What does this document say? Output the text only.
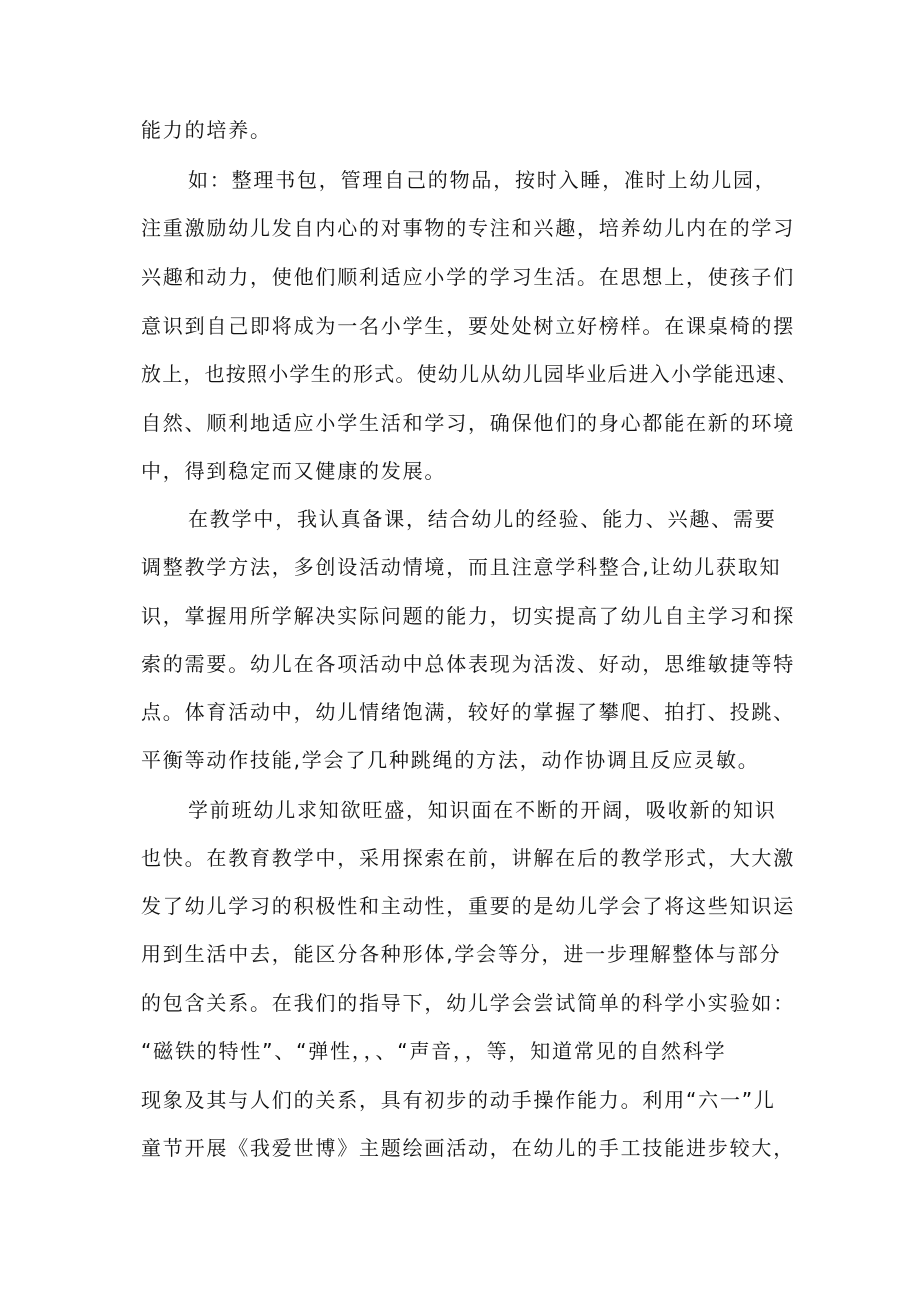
能力的培养。
如：整理书包，管理自己的物品，按时入睡，准时上幼儿园，
注重激励幼儿发自内心的对事物的专注和兴趣，培养幼儿内在的学习
兴趣和动力，使他们顺利适应小学的学习生活。在思想上，使孩子们
意识到自己即将成为一名小学生，要处处树立好榜样。在课桌椅的摆
放上，也按照小学生的形式。使幼儿从幼儿园毕业后进入小学能迅速、
自然、顺利地适应小学生活和学习，确保他们的身心都能在新的环境
中，得到稳定而又健康的发展。
在教学中，我认真备课，结合幼儿的经验、能力、兴趣、需要
调整教学方法，多创设活动情境，而且注意学科整合,让幼儿获取知
识，掌握用所学解决实际问题的能力，切实提高了幼儿自主学习和探
索的需要。幼儿在各项活动中总体表现为活泼、好动，思维敏捷等特
点。体育活动中，幼儿情绪饱满，较好的掌握了攀爬、拍打、投跳、
平衡等动作技能,学会了几种跳绳的方法，动作协调且反应灵敏。
学前班幼儿求知欲旺盛，知识面在不断的开阔，吸收新的知识
也快。在教育教学中，采用探索在前，讲解在后的教学形式，大大激
发了幼儿学习的积极性和主动性，重要的是幼儿学会了将这些知识运
用到生活中去，能区分各种形体,学会等分，进一步理解整体与部分
的包含关系。在我们的指导下，幼儿学会尝试简单的科学小实验如：
“磁铁的特性”、“弹性，，、“声音，，等，知道常见的自然科学
现象及其与人们的关系，具有初步的动手操作能力。利用“六一”儿
童节开展《我爱世博》主题绘画活动，在幼儿的手工技能进步较大，
